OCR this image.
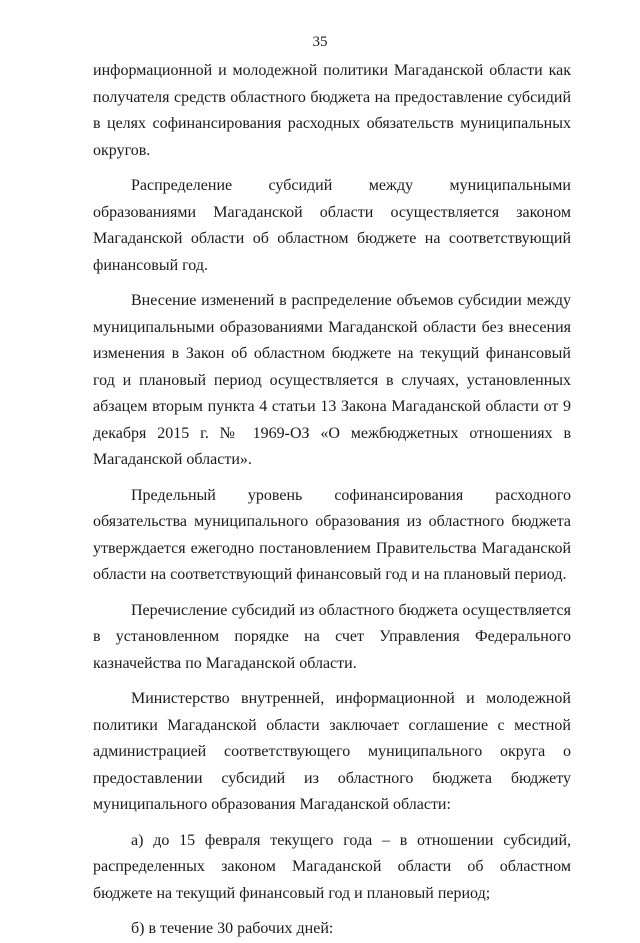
35

информационной и молодежной политики Магаданской области как получателя средств областного бюджета на предоставление субсидий в целях софинансирования расходных обязательств муниципальных округов.

Распределение субсидий между муниципальными образованиями Магаданской области осуществляется законом Магаданской области об областном бюджете на соответствующий финансовый год.

Внесение изменений в распределение объемов субсидии между муниципальными образованиями Магаданской области без внесения изменения в Закон об областном бюджете на текущий финансовый год и плановый период осуществляется в случаях, установленных абзацем вторым пункта 4 статьи 13 Закона Магаданской области от 9 декабря 2015 г. № 1969-ОЗ «О межбюджетных отношениях в Магаданской области».

Предельный уровень софинансирования расходного обязательства муниципального образования из областного бюджета утверждается ежегодно постановлением Правительства Магаданской области на соответствующий финансовый год и на плановый период.

Перечисление субсидий из областного бюджета осуществляется в установленном порядке на счет Управления Федерального казначейства по Магаданской области.

Министерство внутренней, информационной и молодежной политики Магаданской области заключает соглашение с местной администрацией соответствующего муниципального округа о предоставлении субсидий из областного бюджета бюджету муниципального образования Магаданской области:

а) до 15 февраля текущего года – в отношении субсидий, распределенных законом Магаданской области об областном бюджете на текущий финансовый год и плановый период;

б) в течение 30 рабочих дней:
